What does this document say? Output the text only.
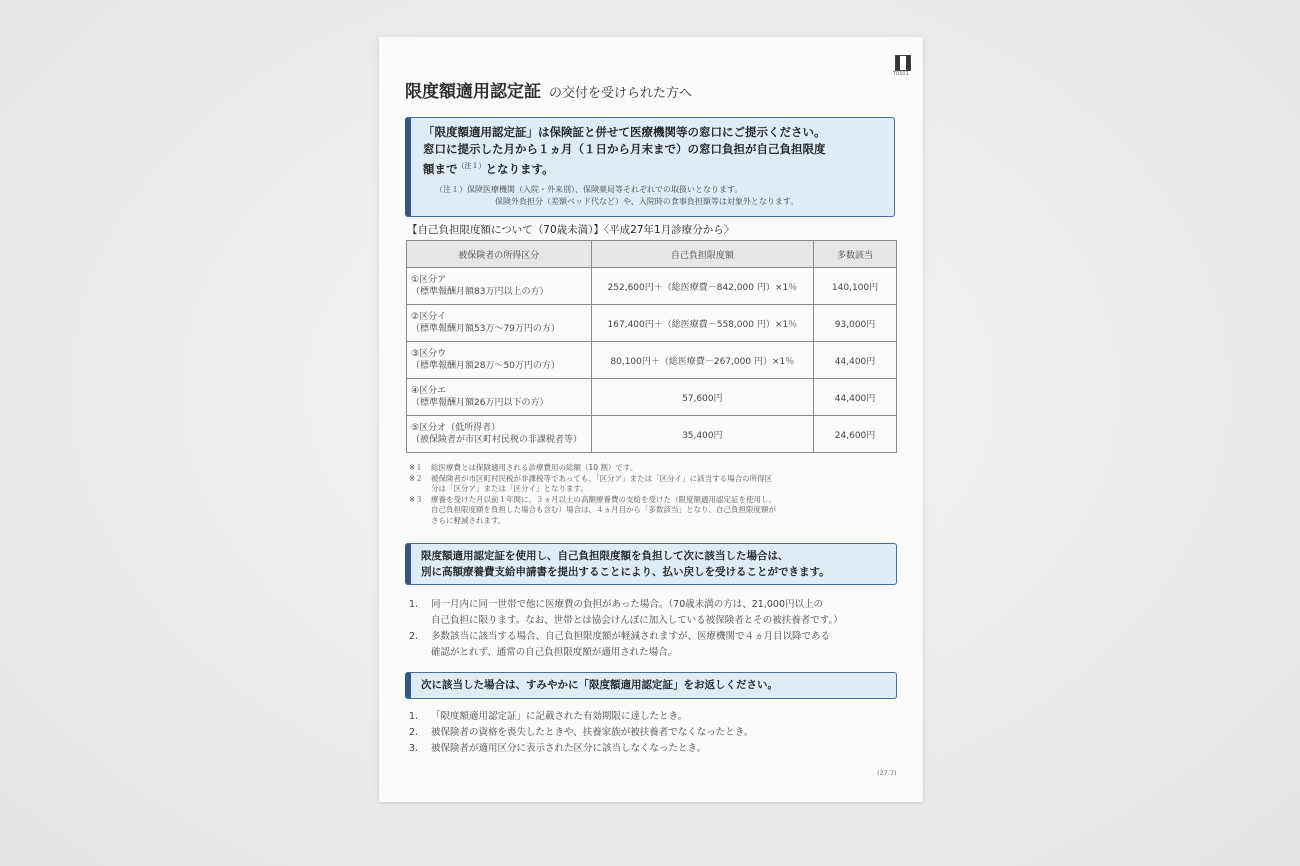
T0101
限度額適用認定証 の交付を受けられた方へ
「限度額適用認定証」は保険証と併せて医療機関等の窓口にご提示ください。
窓口に提示した月から１ヵ月（１日から月末まで）の窓口負担が自己負担限度
額まで$^{(注1)}$となります。
（注１）保険医療機関（入院・外来別）、保険薬局等それぞれでの取扱いとなります。
保険外負担分（差額ベッド代など）や、入院時の食事負担額等は対象外となります。
【自己負担限度額について（70歳未満）】〈平成27年1月診療分から〉
被保険者の所得区分	自己負担限度額	多数該当

①区分ア
（標準報酬月額83万円以上の方）	252,600円＋（総医療費－842,000 円）×1％	140,100円

②区分イ
（標準報酬月額53万～79万円の方）	167,400円＋（総医療費－558,000 円）×1％	93,000円

③区分ウ
（標準報酬月額28万～50万円の方）	80,100円＋（総医療費－267,000 円）×1％	44,400円

④区分エ
（標準報酬月額26万円以下の方）	57,600円	44,400円

⑤区分オ（低所得者）
（被保険者が市区町村民税の非課税者等）	35,400円	24,600円
※１	総医療費とは保険適用される診療費用の総額（10 割）です。
※２	被保険者が市区町村民税が非課税等であっても、「区分ア」または「区分イ」に該当する場合の所得区
分は「区分ア」または「区分イ」となります。
※３	療養を受けた月以前１年間に、３ヵ月以上の高額療養費の支給を受けた（限度額適用認定証を使用し、
自己負担限度額を負担した場合も含む）場合は、４ヵ月目から「多数該当」となり、自己負担限度額が
さらに軽減されます。
限度額適用認定証を使用し、自己負担限度額を負担して次に該当した場合は、
別に高額療養費支給申請書を提出することにより、払い戻しを受けることができます。
1.	同一月内に同一世帯で他に医療費の負担があった場合。（70歳未満の方は、21,000円以上の
自己負担に限ります。なお、世帯とは協会けんぽに加入している被保険者とその被扶養者です。）
2.	多数該当に該当する場合、自己負担限度額が軽減されますが、医療機関で４ヵ月目以降である
確認がとれず、通常の自己負担限度額が適用された場合。
次に該当した場合は、すみやかに「限度額適用認定証」をお返しください。
1.	「限度額適用認定証」に記載された有効期限に達したとき。
2.	被保険者の資格を喪失したときや、扶養家族が被扶養者でなくなったとき。
3.	被保険者が適用区分に表示された区分に該当しなくなったとき。
(27.7)
